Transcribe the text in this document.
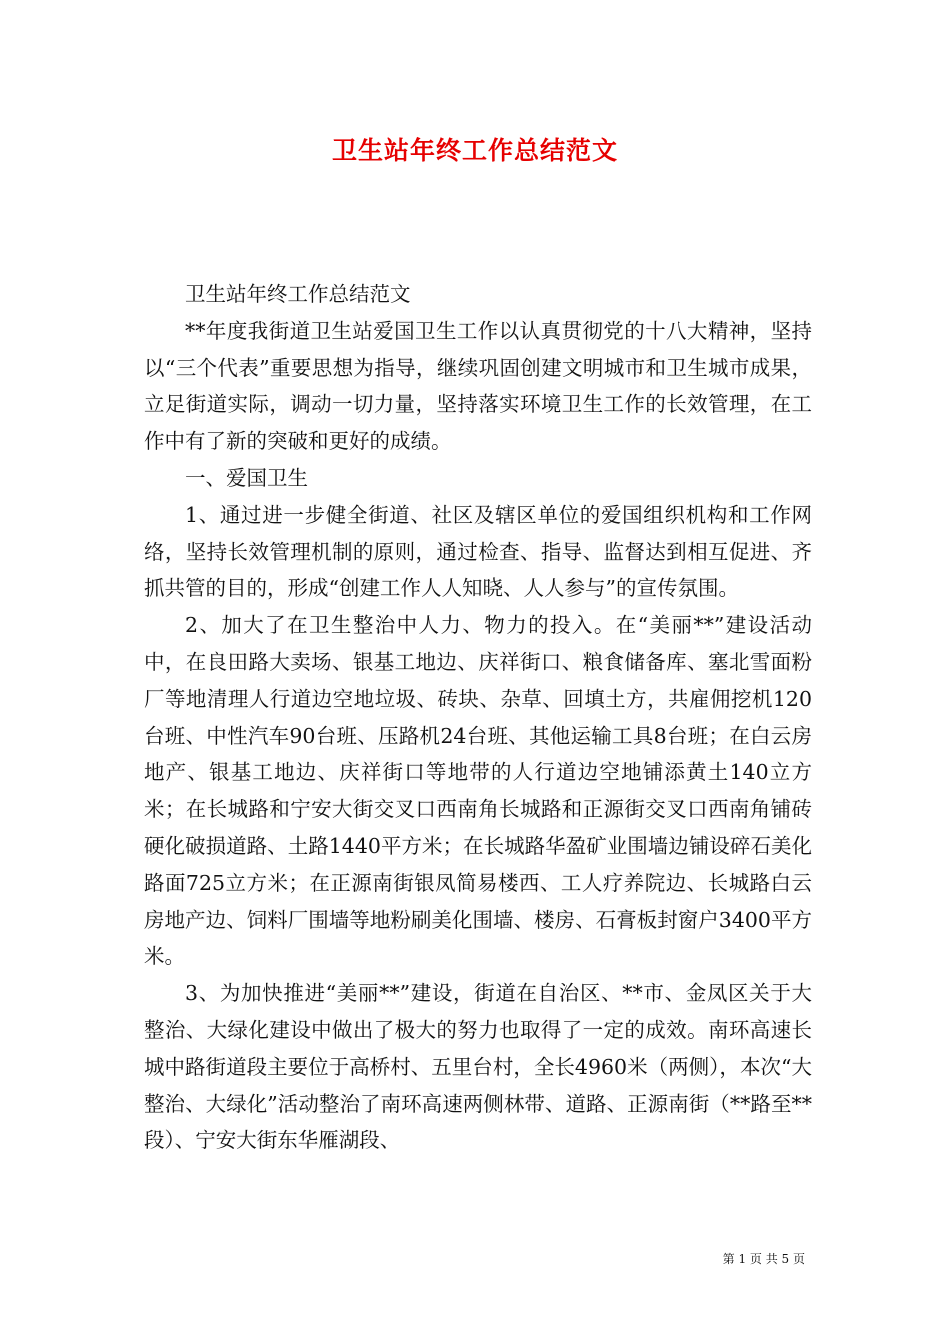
卫生站年终工作总结范文

卫生站年终工作总结范文

**年度我街道卫生站爱国卫生工作以认真贯彻党的十八大精神，坚持以“三个代表”重要思想为指导，继续巩固创建文明城市和卫生城市成果，立足街道实际，调动一切力量，坚持落实环境卫生工作的长效管理，在工作中有了新的突破和更好的成绩。

一、爱国卫生

1、通过进一步健全街道、社区及辖区单位的爱国组织机构和工作网络，坚持长效管理机制的原则，通过检查、指导、监督达到相互促进、齐抓共管的目的，形成“创建工作人人知晓、人人参与”的宣传氛围。

2、加大了在卫生整治中人力、物力的投入。在“美丽**”建设活动中，在良田路大卖场、银基工地边、庆祥街口、粮食储备库、塞北雪面粉厂等地清理人行道边空地垃圾、砖块、杂草、回填土方，共雇佣挖机120台班、中性汽车90台班、压路机24台班、其他运输工具8台班；在白云房地产、银基工地边、庆祥街口等地带的人行道边空地铺添黄土140立方米；在长城路和宁安大街交叉口西南角长城路和正源街交叉口西南角铺砖硬化破损道路、土路1440平方米；在长城路华盈矿业围墙边铺设碎石美化路面725立方米；在正源南街银凤简易楼西、工人疗养院边、长城路白云房地产边、饲料厂围墙等地粉刷美化围墙、楼房、石膏板封窗户3400平方米。

3、为加快推进“美丽**”建设，街道在自治区、**市、金凤区关于大整治、大绿化建设中做出了极大的努力也取得了一定的成效。南环高速长城中路街道段主要位于高桥村、五里台村，全长4960米（两侧），本次“大整治、大绿化”活动整治了南环高速两侧林带、道路、正源南街（**路至**段）、宁安大街东华雁湖段、

第 1 页 共 5 页
